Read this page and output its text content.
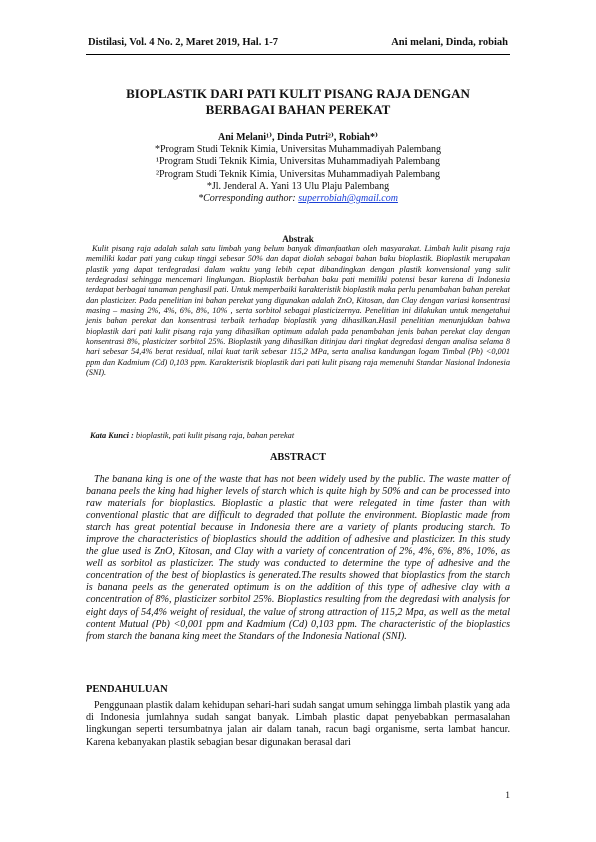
Distilasi, Vol. 4 No. 2, Maret 2019, Hal. 1-7	Ani melani, Dinda, robiah
BIOPLASTIK DARI PATI KULIT PISANG RAJA DENGAN
BERBAGAI BAHAN PEREKAT
Ani Melani¹⁾, Dinda Putri²⁾, Robiah*⁾
*Program Studi Teknik Kimia, Universitas Muhammadiyah Palembang
¹Program Studi Teknik Kimia, Universitas Muhammadiyah Palembang
²Program Studi Teknik Kimia, Universitas Muhammadiyah Palembang
*Jl. Jenderal A. Yani 13 Ulu Plaju Palembang
*Corresponding author: superrobiah@gmail.com
Abstrak
Kulit pisang raja adalah salah satu limbah yang belum banyak dimanfaatkan oleh masyarakat. Limbah kulit pisang raja memiliki kadar pati yang cukup tinggi sebesar 50% dan dapat diolah sebagai bahan baku bioplastik. Bioplastik merupakan plastik yang dapat terdegradasi dalam waktu yang lebih cepat dibandingkan dengan plastik konvensional yang sulit terdegradasi sehingga mencemari lingkungan. Bioplastik berbahan baku pati memiliki potensi besar karena di Indonesia terdapat berbagai tanaman penghasil pati. Untuk memperbaiki karakteristik bioplastik maka perlu penambahan bahan perekat dan plasticizer. Pada penelitian ini bahan perekat yang digunakan adalah ZnO, Kitosan, dan Clay dengan variasi konsentrasi masing – masing 2%, 4%, 6%, 8%, 10% , serta sorbitol sebagai plasticizernya. Penelitian ini dilakukan untuk mengetahui jenis bahan perekat dan konsentrasi terbaik terhadap bioplastik yang dihasilkan.Hasil penelitian menunjukkan bahwa bioplastik dari pati kulit pisang raja yang dihasilkan optimum adalah pada penambahan jenis bahan perekat clay dengan konsentrasi 8%, plasticizer sorbitol 25%. Bioplastik yang dihasilkan ditinjau dari tingkat degredasi dengan analisa selama 8 hari sebesar 54,4% berat residual, nilai kuat tarik sebesar 115,2 MPa, serta analisa kandungan logam Timbal (Pb) <0,001 ppm dan Kadmium (Cd) 0,103 ppm. Karakteristik bioplastik dari pati kulit pisang raja memenuhi Standar Nasional Indonesia (SNI).
Kata Kunci : bioplastik, pati kulit pisang raja, bahan perekat
ABSTRACT
The banana king is one of the waste that has not been widely used by the public. The waste matter of banana peels the king had higher levels of starch which is quite high by 50% and can be processed into raw materials for bioplastics. Bioplastic a plastic that were relegated in time faster than with conventional plastic that are difficult to degraded that pollute the environment. Bioplastic made from starch has great potential because in Indonesia there are a variety of plants producing starch. To improve the characteristics of bioplastics should the addition of adhesive and plasticizer. In this study the glue used is ZnO, Kitosan, and Clay with a variety of concentration of 2%, 4%, 6%, 8%, 10%, as well as sorbitol as plasticizer. The study was conducted to determine the type of adhesive and the concentration of the best of bioplastics is generated.The results showed that bioplastics from the starch is banana peels as the generated optimum is on the addition of this type of adhesive clay with a concentration of 8%, plasticizer sorbitol 25%. Bioplastics resulting from the degredasi with analysis for eight days of 54,4% weight of residual, the value of strong attraction of 115,2 Mpa, as well as the metal content Mutual (Pb) <0,001 ppm and Kadmium (Cd) 0,103 ppm. The characteristic of the bioplastics from starch the banana king meet the Standars of the Indonesia National (SNI).
PENDAHULUAN
Penggunaan plastik dalam kehidupan sehari-hari sudah sangat umum sehingga limbah plastik yang ada di Indonesia jumlahnya sudah sangat banyak. Limbah plastic dapat penyebabkan permasalahan lingkungan seperti tersumbatnya jalan air dalam tanah, racun bagi organisme, serta lambat hancur. Karena kebanyakan plastik sebagian besar digunakan berasal dari
1
